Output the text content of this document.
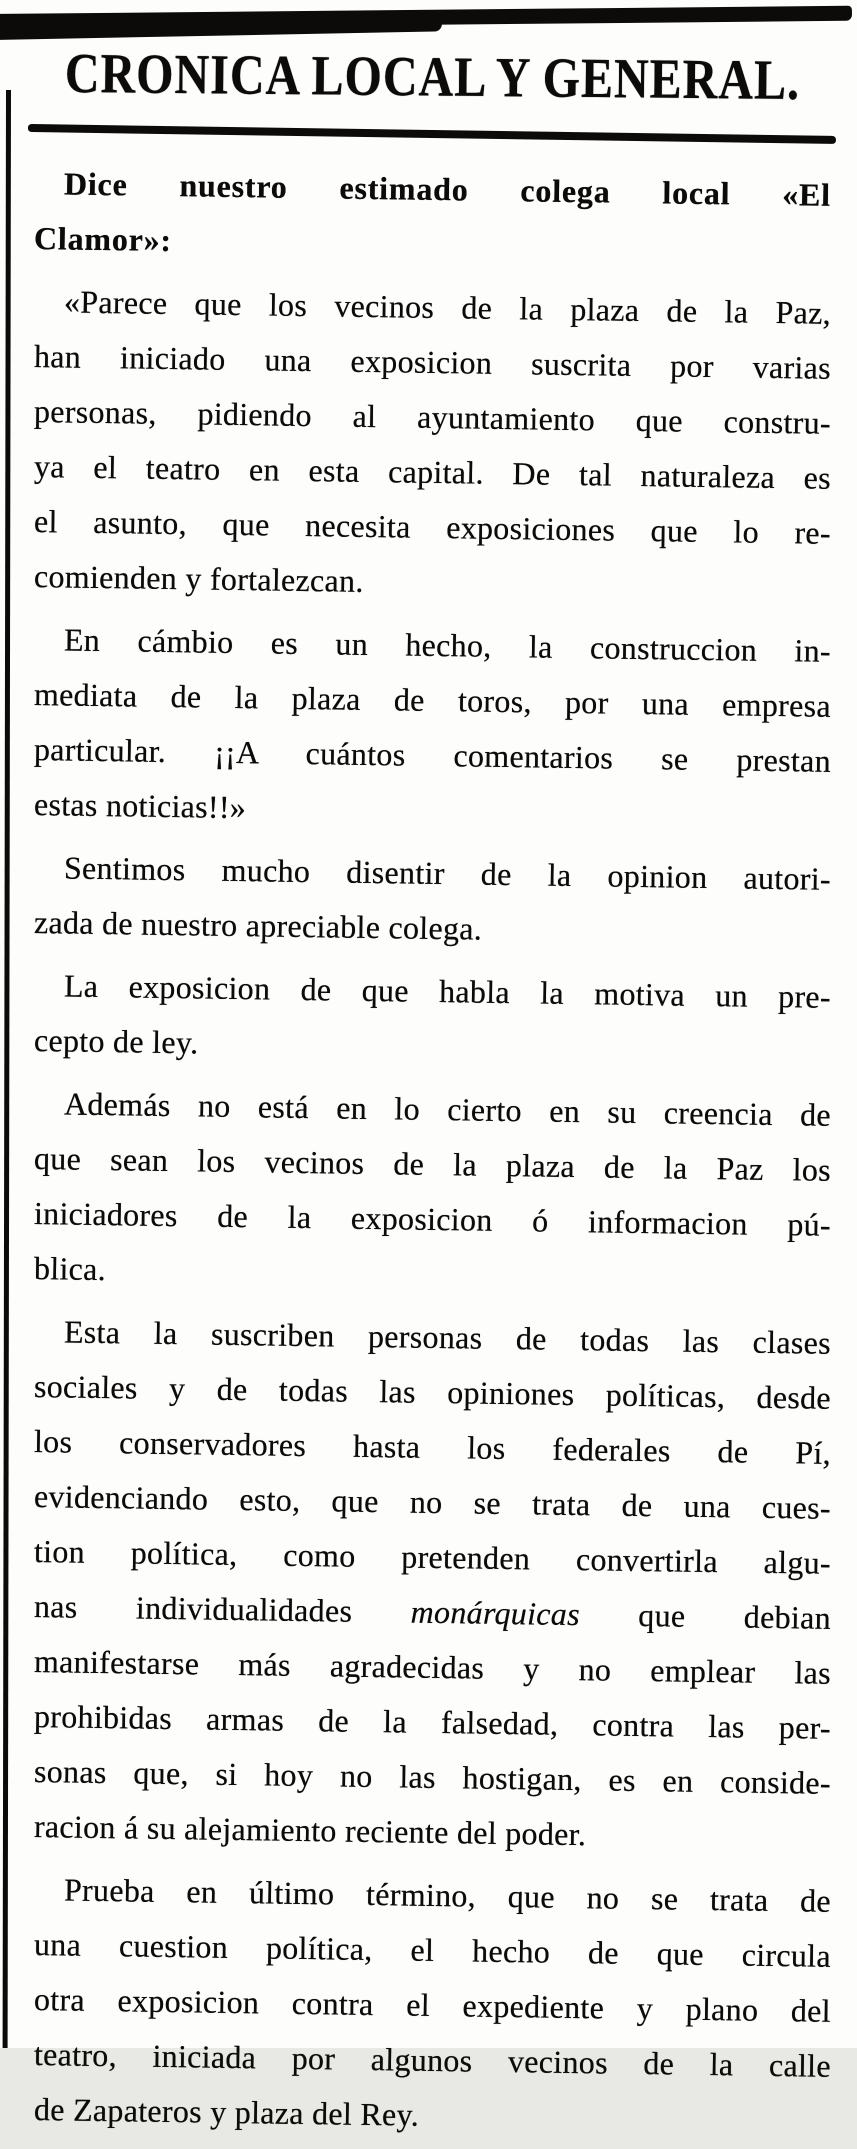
CRONICA LOCAL Y GENERAL.
Dice nuestro estimado colega local «El
Clamor»:
«Parece que los vecinos de la plaza de la Paz,
han iniciado una exposicion suscrita por varias
personas, pidiendo al ayuntamiento que constru-
ya el teatro en esta capital. De tal naturaleza es
el asunto, que necesita exposiciones que lo re-
comienden y fortalezcan.
En cámbio es un hecho, la construccion in-
mediata de la plaza de toros, por una empresa
particular. ¡¡A cuántos comentarios se prestan
estas noticias!!»
Sentimos mucho disentir de la opinion autori-
zada de nuestro apreciable colega.
La exposicion de que habla la motiva un pre-
cepto de ley.
Además no está en lo cierto en su creencia de
que sean los vecinos de la plaza de la Paz los
iniciadores de la exposicion ó informacion pú-
blica.
Esta la suscriben personas de todas las clases
sociales y de todas las opiniones políticas, desde
los conservadores hasta los federales de Pí,
evidenciando esto, que no se trata de una cues-
tion política, como pretenden convertirla algu-
nas individualidades monárquicas que debian
manifestarse más agradecidas y no emplear las
prohibidas armas de la falsedad, contra las per-
sonas que, si hoy no las hostigan, es en conside-
racion á su alejamiento reciente del poder.
Prueba en último término, que no se trata de
una cuestion política, el hecho de que circula
otra exposicion contra el expediente y plano del
teatro, iniciada por algunos vecinos de la calle
de Zapateros y plaza del Rey.
